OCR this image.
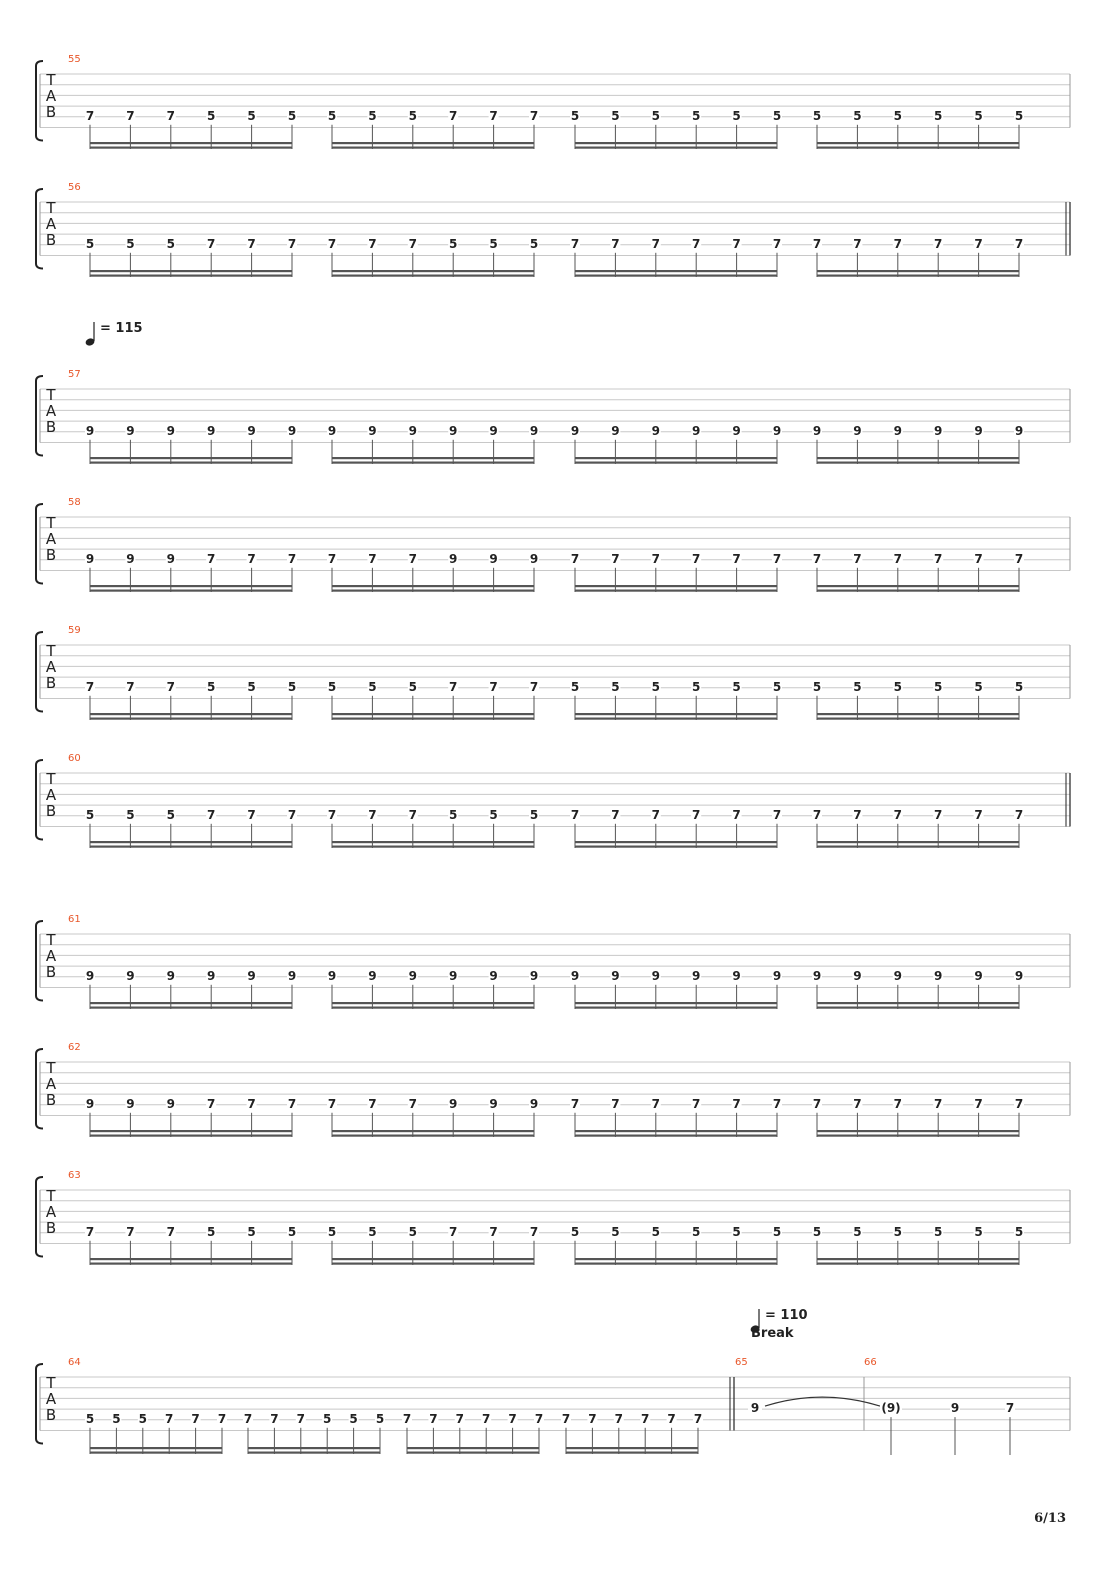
T
A
B
55
7	7	7	5	5	5	5	5	5	7	7	7	5	5	5	5	5	5	5	5	5	5	5	5
T
A
B
56
5	5	5	7	7	7	7	7	7	5	5	5	7	7	7	7	7	7	7	7	7	7	7	7
T
A
B
57
9	9	9	9	9	9	9	9	9	9	9	9	9	9	9	9	9	9	9	9	9	9	9	9
T
A
B
58
9	9	9	7	7	7	7	7	7	9	9	9	7	7	7	7	7	7	7	7	7	7	7	7
T
A
B
59
7	7	7	5	5	5	5	5	5	7	7	7	5	5	5	5	5	5	5	5	5	5	5	5
T
A
B
60
5	5	5	7	7	7	7	7	7	5	5	5	7	7	7	7	7	7	7	7	7	7	7	7
T
A
B
61
9	9	9	9	9	9	9	9	9	9	9	9	9	9	9	9	9	9	9	9	9	9	9	9
T
A
B
62
9	9	9	7	7	7	7	7	7	9	9	9	7	7	7	7	7	7	7	7	7	7	7	7
T
A
B
63
7	7	7	5	5	5	5	5	5	7	7	7	5	5	5	5	5	5	5	5	5	5	5	5
T
A
B
64
5 5 5 7 7 7 7 7 7 5 5 5 7 7 7 7 7 7 7 7 7 7 7 7
65	66
9	(9)	9	7
= 115
= 110
Break
6/13
